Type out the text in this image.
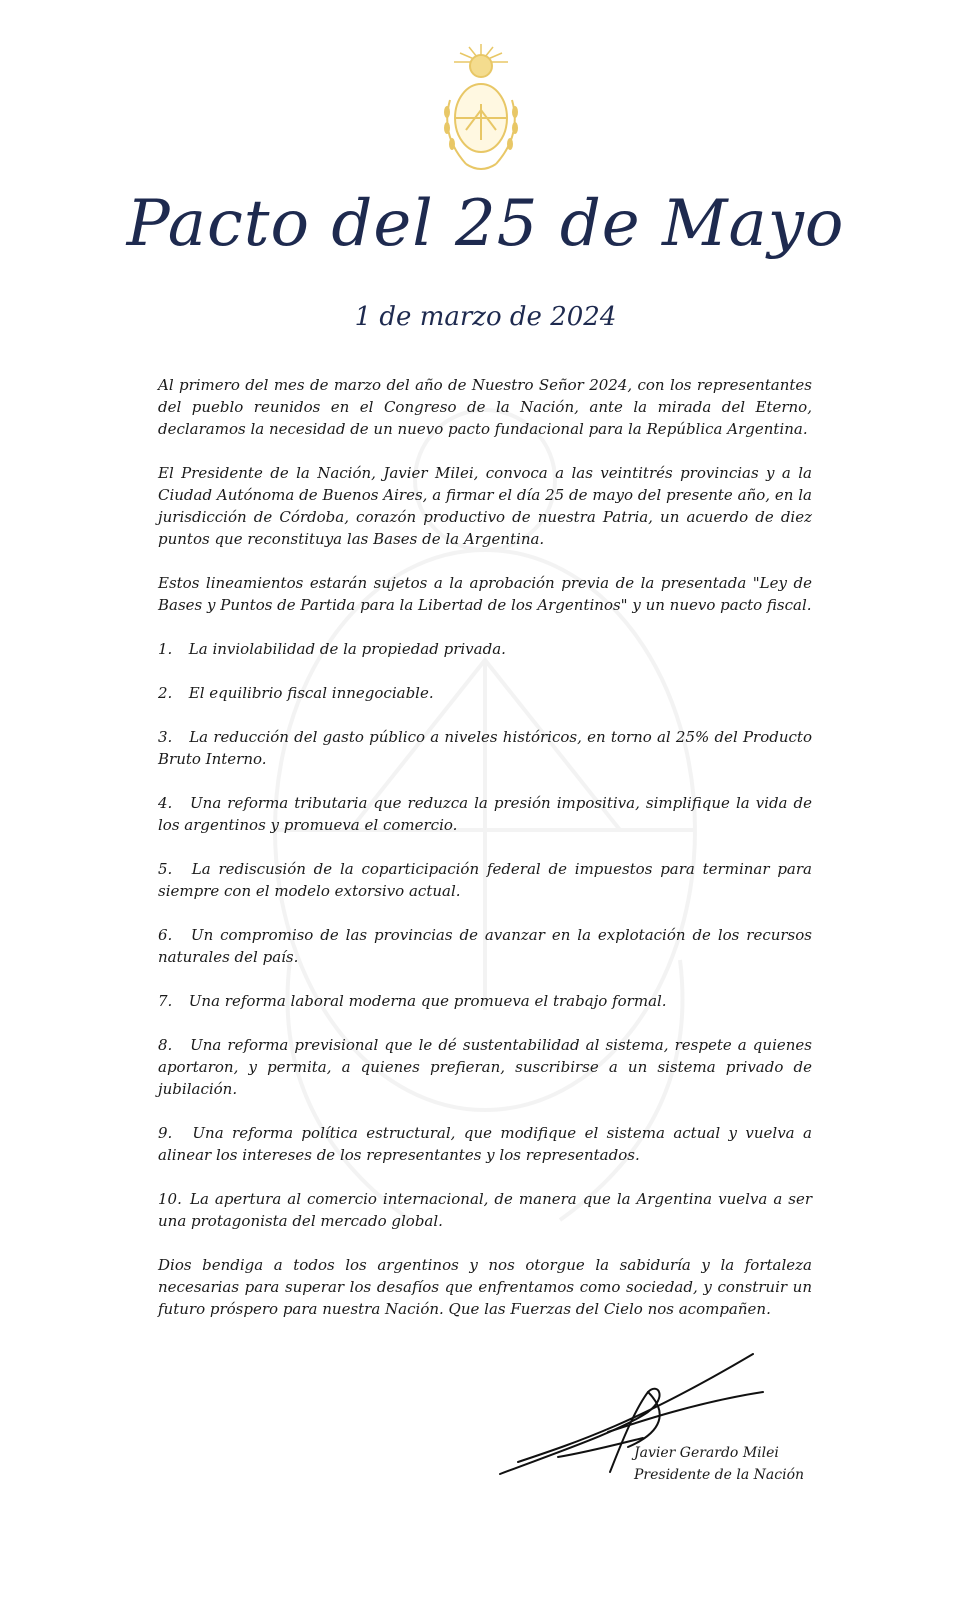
Pacto del 25 de Mayo
1 de marzo de 2024

Al primero del mes de marzo del año de Nuestro Señor 2024, con los representantes del pueblo reunidos en el Congreso de la Nación, ante la mirada del Eterno, declaramos la necesidad de un nuevo pacto fundacional para la República Argentina.

El Presidente de la Nación, Javier Milei, convoca a las veintitrés provincias y a la Ciudad Autónoma de Buenos Aires, a firmar el día 25 de mayo del presente año, en la jurisdicción de Córdoba, corazón productivo de nuestra Patria, un acuerdo de diez puntos que reconstituya las Bases de la Argentina.

Estos lineamientos estarán sujetos a la aprobación previa de la presentada "Ley de Bases y Puntos de Partida para la Libertad de los Argentinos" y un nuevo pacto fiscal.

1. La inviolabilidad de la propiedad privada.

2. El equilibrio fiscal innegociable.

3. La reducción del gasto público a niveles históricos, en torno al 25% del Producto Bruto Interno.

4. Una reforma tributaria que reduzca la presión impositiva, simplifique la vida de los argentinos y promueva el comercio.

5. La rediscusión de la coparticipación federal de impuestos para terminar para siempre con el modelo extorsivo actual.

6. Un compromiso de las provincias de avanzar en la explotación de los recursos naturales del país.

7. Una reforma laboral moderna que promueva el trabajo formal.

8. Una reforma previsional que le dé sustentabilidad al sistema, respete a quienes aportaron, y permita, a quienes prefieran, suscribirse a un sistema privado de jubilación.

9. Una reforma política estructural, que modifique el sistema actual y vuelva a alinear los intereses de los representantes y los representados.

10. La apertura al comercio internacional, de manera que la Argentina vuelva a ser una protagonista del mercado global.

Dios bendiga a todos los argentinos y nos otorgue la sabiduría y la fortaleza necesarias para superar los desafíos que enfrentamos como sociedad, y construir un futuro próspero para nuestra Nación. Que las Fuerzas del Cielo nos acompañen.

Javier Gerardo Milei
Presidente de la Nación
